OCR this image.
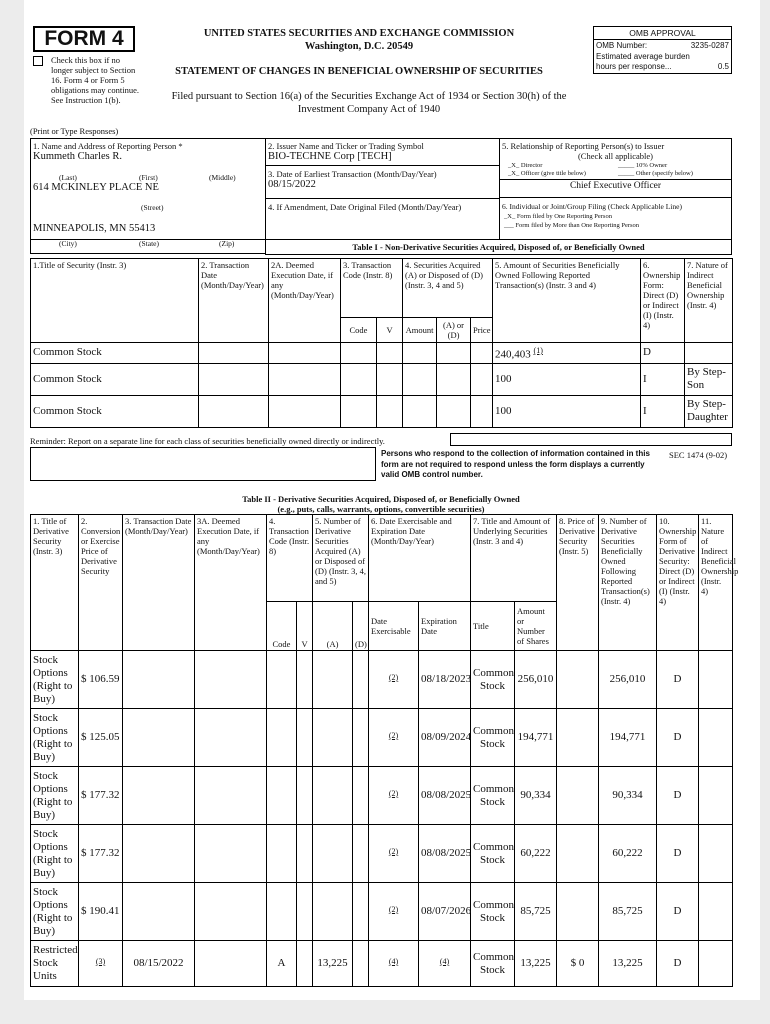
FORM 4
Check this box if no longer subject to Section 16. Form 4 or Form 5 obligations may continue. See Instruction 1(b).
UNITED STATES SECURITIES AND EXCHANGE COMMISSION
Washington, D.C. 20549
STATEMENT OF CHANGES IN BENEFICIAL OWNERSHIP OF SECURITIES
Filed pursuant to Section 16(a) of the Securities Exchange Act of 1934 or Section 30(h) of the Investment Company Act of 1940
OMB APPROVAL
OMB Number:	3235-0287
Estimated average burden hours per response...	0.5
(Print or Type Responses)
1. Name and Address of Reporting Person *
Kummeth Charles R.
(Last)	(First)	(Middle)
614 MCKINLEY PLACE NE
(Street)
MINNEAPOLIS, MN 55413
(City)	(State)	(Zip)
2. Issuer Name and Ticker or Trading Symbol
BIO-TECHNE Corp [TECH]
3. Date of Earliest Transaction (Month/Day/Year)
08/15/2022
4. If Amendment, Date Original Filed (Month/Day/Year)
5. Relationship of Reporting Person(s) to Issuer
(Check all applicable)
_X_ Director	_____ 10% Owner
_X_ Officer (give title below)	_____ Other (specify below)
Chief Executive Officer
6. Individual or Joint/Group Filing (Check Applicable Line)
_X_ Form filed by One Reporting Person
___ Form filed by More than One Reporting Person
Table I - Non-Derivative Securities Acquired, Disposed of, or Beneficially Owned
1.Title of Security (Instr. 3)	2. Transaction Date (Month/Day/Year)	2A. Deemed Execution Date, if any (Month/Day/Year)	3. Transaction Code (Instr. 8)		4. Securities Acquired (A) or Disposed of (D) (Instr. 3, 4 and 5)			5. Amount of Securities Beneficially Owned Following Reported Transaction(s) (Instr. 3 and 4)	6. Ownership Form: Direct (D) or Indirect (I) (Instr. 4)	7. Nature of Indirect Beneficial Ownership (Instr. 4)
			Code	V	Amount	(A) or (D)	Price			
Common Stock								240,403 $^{(1)}$	D	
Common Stock								100	I	By Step-Son
Common Stock								100	I	By Step-Daughter
Reminder: Report on a separate line for each class of securities beneficially owned directly or indirectly.
Persons who respond to the collection of information contained in this form are not required to respond unless the form displays a currently valid OMB control number.
SEC 1474 (9-02)
Table II - Derivative Securities Acquired, Disposed of, or Beneficially Owned
(e.g., puts, calls, warrants, options, convertible securities)
1. Title of Derivative Security (Instr. 3)	2. Conversion or Exercise Price of Derivative Security	3. Transaction Date (Month/Day/Year)	3A. Deemed Execution Date, if any (Month/Day/Year)	4. Transaction Code (Instr. 8)		5. Number of Derivative Securities Acquired (A) or Disposed of (D) (Instr. 3, 4, and 5)		6. Date Exercisable and Expiration Date (Month/Day/Year)		7. Title and Amount of Underlying Securities (Instr. 3 and 4)		8. Price of Derivative Security (Instr. 5)	9. Number of Derivative Securities Beneficially Owned Following Reported Transaction(s) (Instr. 4)	10. Ownership Form of Derivative Security: Direct (D) or Indirect (I) (Instr. 4)	11. Nature of Indirect Beneficial Ownership (Instr. 4)
				Code	V	(A)	(D)	Date Exercisable	Expiration Date	Title	Amount or Number of Shares				
Stock Options (Right to Buy)	$ 106.59							$^{(2)}$	08/18/2023	Common Stock	256,010		256,010	D	
Stock Options (Right to Buy)	$ 125.05							$^{(2)}$	08/09/2024	Common Stock	194,771		194,771	D	
Stock Options (Right to Buy)	$ 177.32							$^{(2)}$	08/08/2025	Common Stock	90,334		90,334	D	
Stock Options (Right to Buy)	$ 177.32							$^{(2)}$	08/08/2025	Common Stock	60,222		60,222	D	
Stock Options (Right to Buy)	$ 190.41							$^{(2)}$	08/07/2026	Common Stock	85,725		85,725	D	
Restricted Stock Units	$^{(3)}$	08/15/2022		A		13,225		$^{(4)}$	$^{(4)}$	Common Stock	13,225	$ 0	13,225	D	
